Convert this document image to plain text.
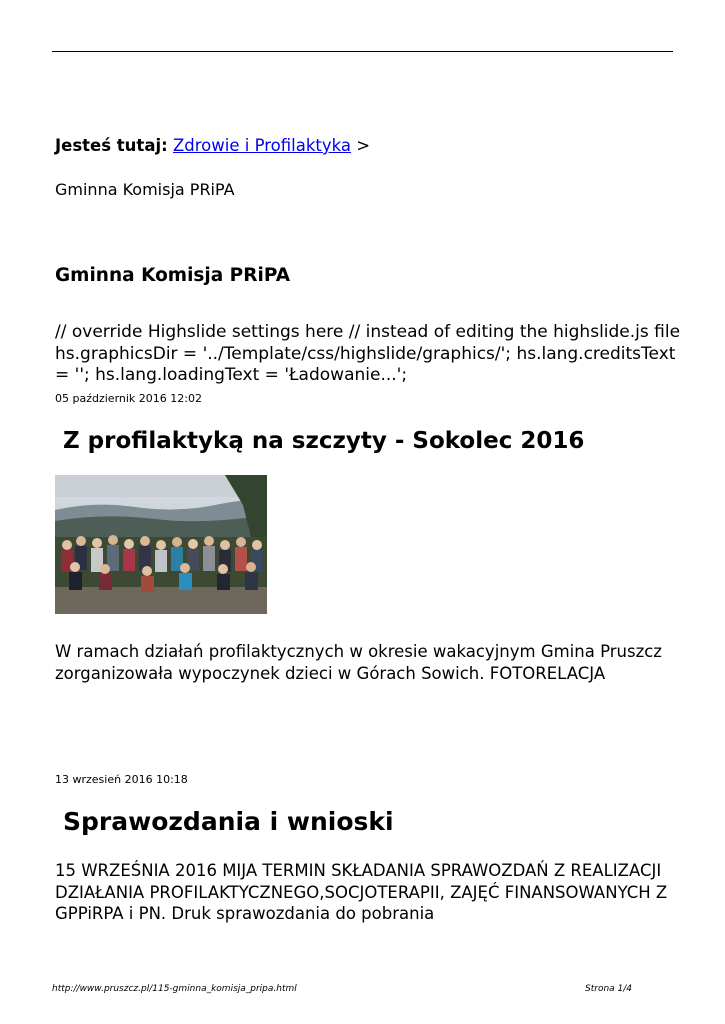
Jesteś tutaj: Zdrowie i Profilaktyka >
Gminna Komisja PRiPA
Gminna Komisja PRiPA
// override Highslide settings here // instead of editing the highslide.js file hs.graphicsDir = '../Template/css/highslide/graphics/'; hs.lang.creditsText = ''; hs.lang.loadingText = 'Ładowanie...';
05 październik 2016 12:02
Z profilaktyką na szczyty - Sokolec 2016
W ramach działań profilaktycznych w okresie wakacyjnym Gmina Pruszcz zorganizowała wypoczynek dzieci w Górach Sowich. FOTORELACJA
13 wrzesień 2016 10:18
Sprawozdania i wnioski
15 WRZEŚNIA 2016 MIJA TERMIN SKŁADANIA SPRAWOZDAŃ Z REALIZACJI DZIAŁANIA PROFILAKTYCZNEGO,SOCJOTERAPII, ZAJĘĆ FINANSOWANYCH Z GPPiRPA i PN. Druk sprawozdania do pobrania
http://www.pruszcz.pl/115-gminna_komisja_pripa.html	Strona 1/4
